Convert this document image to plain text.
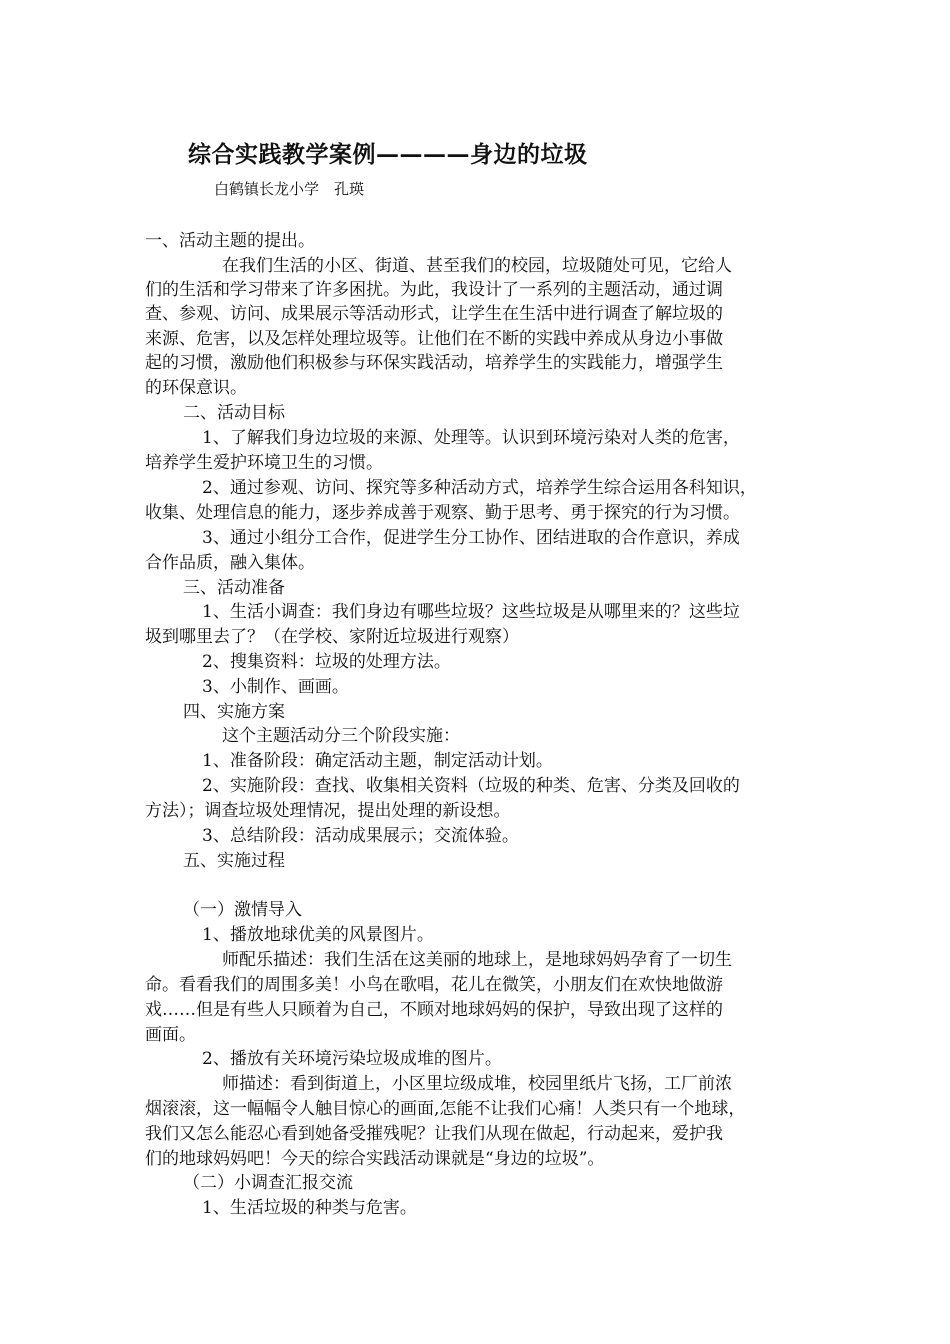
综合实践教学案例————身边的垃圾
白鹤镇长龙小学　孔瑛
一、活动主题的提出。
在我们生活的小区、街道、甚至我们的校园，垃圾随处可见，它给人
们的生活和学习带来了许多困扰。为此，我设计了一系列的主题活动，通过调
查、参观、访问、成果展示等活动形式，让学生在生活中进行调查了解垃圾的
来源、危害，以及怎样处理垃圾等。让他们在不断的实践中养成从身边小事做
起的习惯，激励他们积极参与环保实践活动，培养学生的实践能力，增强学生
的环保意识。
二、活动目标
1、了解我们身边垃圾的来源、处理等。认识到环境污染对人类的危害，
培养学生爱护环境卫生的习惯。
2、通过参观、访问、探究等多种活动方式，培养学生综合运用各科知识，
收集、处理信息的能力，逐步养成善于观察、勤于思考、勇于探究的行为习惯。
3、通过小组分工合作，促进学生分工协作、团结进取的合作意识，养成
合作品质，融入集体。
三、活动准备
1、生活小调查：我们身边有哪些垃圾？这些垃圾是从哪里来的？这些垃
圾到哪里去了？（在学校、家附近垃圾进行观察）
2、搜集资料：垃圾的处理方法。
3、小制作、画画。
四、实施方案
这个主题活动分三个阶段实施：
1、准备阶段：确定活动主题，制定活动计划。
2、实施阶段：查找、收集相关资料（垃圾的种类、危害、分类及回收的
方法）；调查垃圾处理情况，提出处理的新设想。
3、总结阶段：活动成果展示；交流体验。
五、实施过程
（一）激情导入
1、播放地球优美的风景图片。
师配乐描述：我们生活在这美丽的地球上，是地球妈妈孕育了一切生
命。看看我们的周围多美！小鸟在歌唱，花儿在微笑，小朋友们在欢快地做游
戏……但是有些人只顾着为自己，不顾对地球妈妈的保护，导致出现了这样的
画面。
2、播放有关环境污染垃圾成堆的图片。
师描述：看到街道上，小区里垃级成堆，校园里纸片飞扬，工厂前浓
烟滚滚，这一幅幅令人触目惊心的画面,怎能不让我们心痛！人类只有一个地球，
我们又怎么能忍心看到她备受摧残呢？让我们从现在做起，行动起来，爱护我
们的地球妈妈吧！今天的综合实践活动课就是“身边的垃圾”。
（二）小调查汇报交流
1、生活垃圾的种类与危害。
